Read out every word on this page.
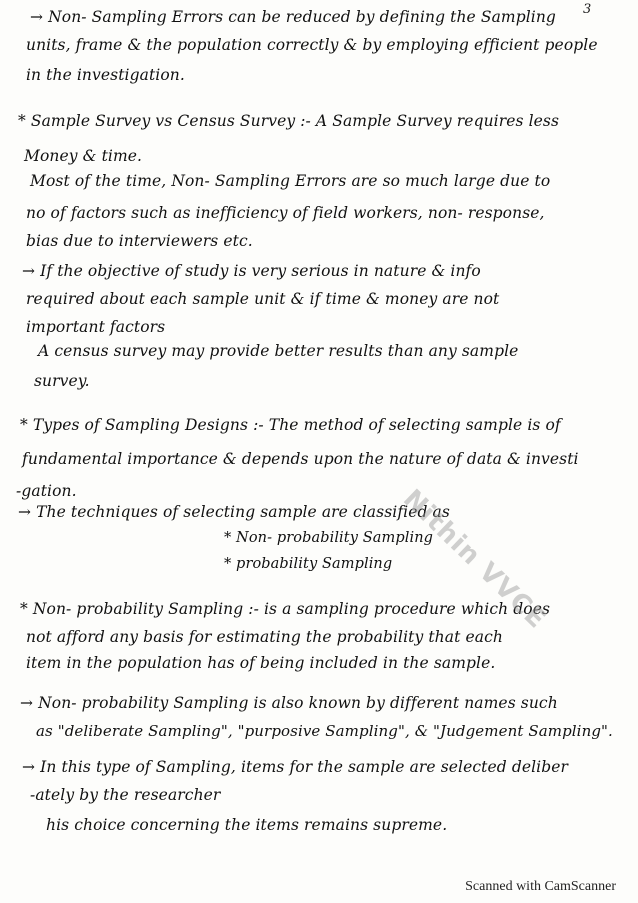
3
→ Non- Sampling Errors can be reduced by defining the Sampling
units, frame & the population correctly & by employing efficient people
in the investigation.
* Sample Survey vs Census Survey :- A Sample Survey requires less
Money & time.
Most of the time, Non- Sampling Errors are so much large due to
no of factors such as inefficiency of field workers, non- response,
bias due to interviewers etc.
→ If the objective of study is very serious in nature & info
required about each sample unit & if time & money are not
important factors
A census survey may provide better results than any sample
survey.
* Types of Sampling Designs :- The method of selecting sample is of
fundamental importance & depends upon the nature of data & investi
-gation.
→ The techniques of selecting sample are classified as
* Non- probability Sampling
* probability Sampling
* Non- probability Sampling :- is a sampling procedure which does
not afford any basis for estimating the probability that each
item in the population has of being included in the sample.
→ Non- probability Sampling is also known by different names such
as "deliberate Sampling", "purposive Sampling", & "Judgement Sampling".
→ In this type of Sampling, items for the sample are selected deliber
-ately by the researcher
his choice concerning the items remains supreme.
Nithin VVCE
Scanned with CamScanner
